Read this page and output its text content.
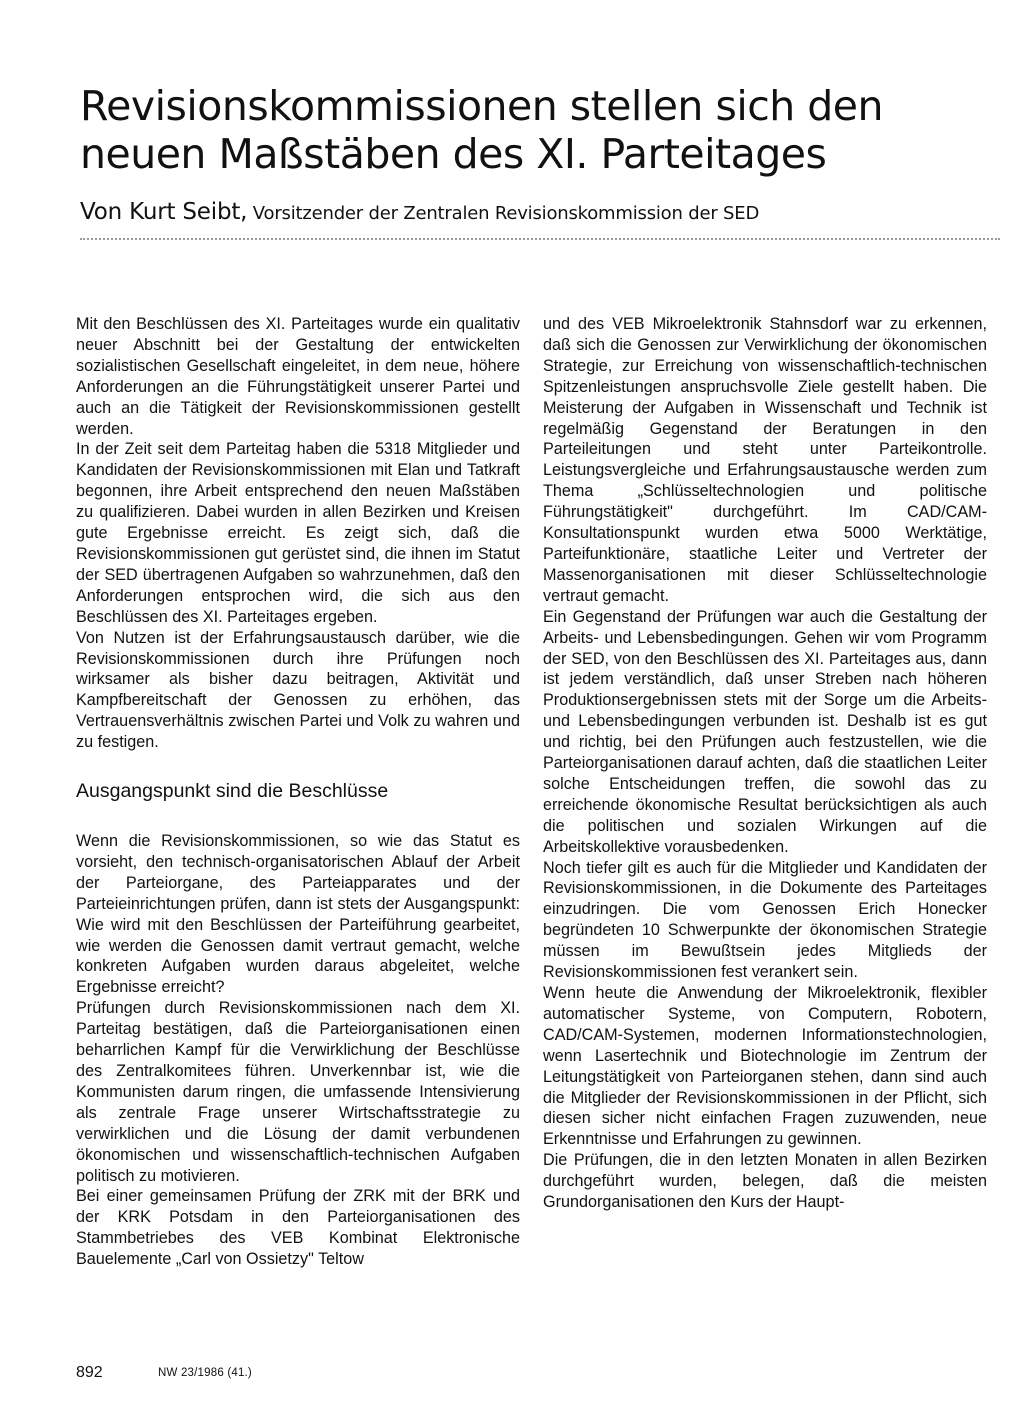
Revisionskommissionen stellen sich den neuen Maßstäben des XI. Parteitages
Von Kurt Seibt, Vorsitzender der Zentralen Revisionskommission der SED

Mit den Beschlüssen des XI. Parteitages wurde ein qualitativ neuer Abschnitt bei der Gestaltung der entwickelten sozialistischen Gesellschaft eingeleitet, in dem neue, höhere Anforderungen an die Führungstätigkeit unserer Partei und auch an die Tätigkeit der Revisionskommissionen gestellt werden.

In der Zeit seit dem Parteitag haben die 5318 Mitglieder und Kandidaten der Revisionskommissionen mit Elan und Tatkraft begonnen, ihre Arbeit entsprechend den neuen Maßstäben zu qualifizieren. Dabei wurden in allen Bezirken und Kreisen gute Ergebnisse erreicht. Es zeigt sich, daß die Revisionskommissionen gut gerüstet sind, die ihnen im Statut der SED übertragenen Aufgaben so wahrzunehmen, daß den Anforderungen entsprochen wird, die sich aus den Beschlüssen des XI. Parteitages ergeben.

Von Nutzen ist der Erfahrungsaustausch darüber, wie die Revisionskommissionen durch ihre Prüfungen noch wirksamer als bisher dazu beitragen, Aktivität und Kampfbereitschaft der Genossen zu erhöhen, das Vertrauensverhältnis zwischen Partei und Volk zu wahren und zu festigen.

Ausgangspunkt sind die Beschlüsse

Wenn die Revisionskommissionen, so wie das Statut es vorsieht, den technisch-organisatorischen Ablauf der Arbeit der Parteiorgane, des Parteiapparates und der Parteieinrichtungen prüfen, dann ist stets der Ausgangspunkt: Wie wird mit den Beschlüssen der Parteiführung gearbeitet, wie werden die Genossen damit vertraut gemacht, welche konkreten Aufgaben wurden daraus abgeleitet, welche Ergebnisse erreicht?

Prüfungen durch Revisionskommissionen nach dem XI. Parteitag bestätigen, daß die Parteiorganisationen einen beharrlichen Kampf für die Verwirklichung der Beschlüsse des Zentralkomitees führen. Unverkennbar ist, wie die Kommunisten darum ringen, die umfassende Intensivierung als zentrale Frage unserer Wirtschaftsstrategie zu verwirklichen und die Lösung der damit verbundenen ökonomischen und wissenschaftlich-technischen Aufgaben politisch zu motivieren.

Bei einer gemeinsamen Prüfung der ZRK mit der BRK und der KRK Potsdam in den Parteiorganisationen des Stammbetriebes des VEB Kombinat Elektronische Bauelemente „Carl von Ossietzy" Teltow

und des VEB Mikroelektronik Stahnsdorf war zu erkennen, daß sich die Genossen zur Verwirklichung der ökonomischen Strategie, zur Erreichung von wissenschaftlich-technischen Spitzenleistungen anspruchsvolle Ziele gestellt haben. Die Meisterung der Aufgaben in Wissenschaft und Technik ist regelmäßig Gegenstand der Beratungen in den Parteileitungen und steht unter Parteikontrolle. Leistungsvergleiche und Erfahrungsaustausche werden zum Thema „Schlüsseltechnologien und politische Führungstätigkeit" durchgeführt. Im CAD/CAM-Konsultationspunkt wurden etwa 5000 Werktätige, Parteifunktionäre, staatliche Leiter und Vertreter der Massenorganisationen mit dieser Schlüsseltechnologie vertraut gemacht.

Ein Gegenstand der Prüfungen war auch die Gestaltung der Arbeits- und Lebensbedingungen. Gehen wir vom Programm der SED, von den Beschlüssen des XI. Parteitages aus, dann ist jedem verständlich, daß unser Streben nach höheren Produktionsergebnissen stets mit der Sorge um die Arbeits- und Lebensbedingungen verbunden ist. Deshalb ist es gut und richtig, bei den Prüfungen auch festzustellen, wie die Parteiorganisationen darauf achten, daß die staatlichen Leiter solche Entscheidungen treffen, die sowohl das zu erreichende ökonomische Resultat berücksichtigen als auch die politischen und sozialen Wirkungen auf die Arbeitskollektive vorausbedenken.

Noch tiefer gilt es auch für die Mitglieder und Kandidaten der Revisionskommissionen, in die Dokumente des Parteitages einzudringen. Die vom Genossen Erich Honecker begründeten 10 Schwerpunkte der ökonomischen Strategie müssen im Bewußtsein jedes Mitglieds der Revisionskommissionen fest verankert sein.

Wenn heute die Anwendung der Mikroelektronik, flexibler automatischer Systeme, von Computern, Robotern, CAD/CAM-Systemen, modernen Informationstechnologien, wenn Lasertechnik und Biotechnologie im Zentrum der Leitungstätigkeit von Parteiorganen stehen, dann sind auch die Mitglieder der Revisionskommissionen in der Pflicht, sich diesen sicher nicht einfachen Fragen zuzuwenden, neue Erkenntnisse und Erfahrungen zu gewinnen.

Die Prüfungen, die in den letzten Monaten in allen Bezirken durchgeführt wurden, belegen, daß die meisten Grundorganisationen den Kurs der Haupt-

892	NW 23/1986 (41.)
